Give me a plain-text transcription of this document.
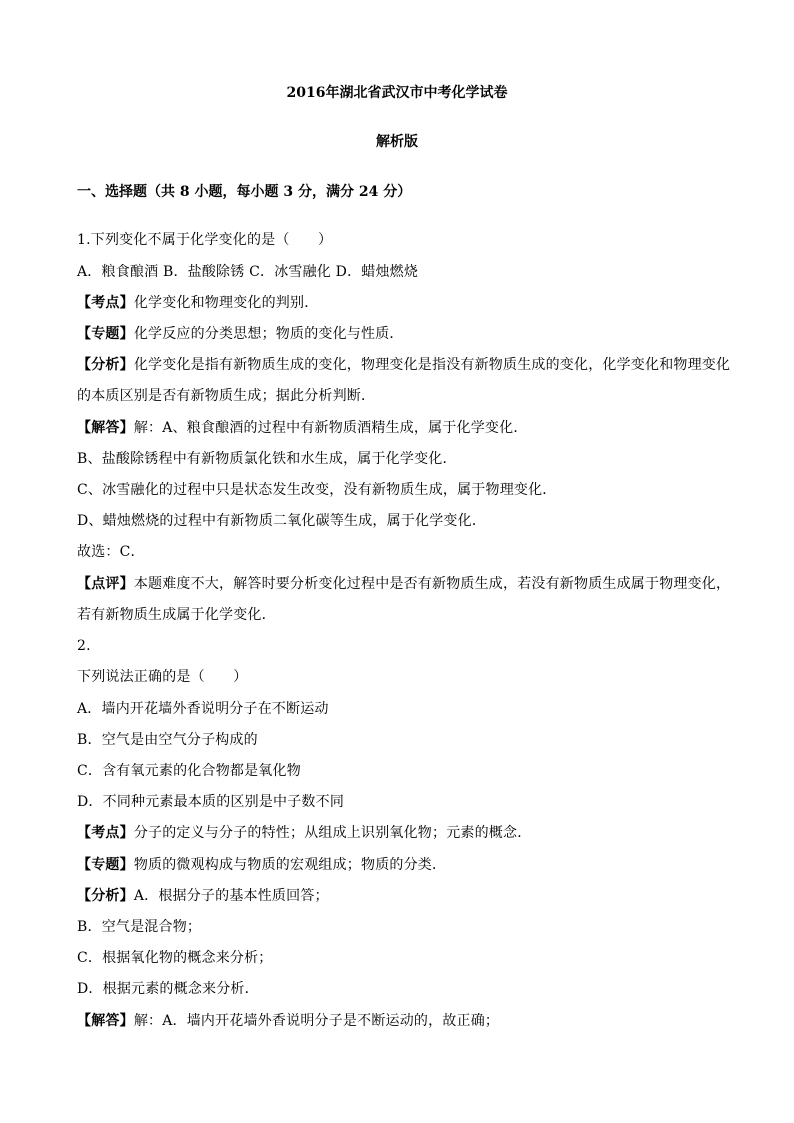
2016年湖北省武汉市中考化学试卷
解析版
一、选择题（共 8 小题，每小题 3 分，满分 24 分）
1.下列变化不属于化学变化的是（　　）
A．粮食酿酒 B．盐酸除锈 C．冰雪融化 D．蜡烛燃烧
【考点】化学变化和物理变化的判别．
【专题】化学反应的分类思想；物质的变化与性质．
【分析】化学变化是指有新物质生成的变化，物理变化是指没有新物质生成的变化，化学变化和物理变化
的本质区别是否有新物质生成；据此分析判断．
【解答】解：A、粮食酿酒的过程中有新物质酒精生成，属于化学变化．
B、盐酸除锈程中有新物质氯化铁和水生成，属于化学变化．
C、冰雪融化的过程中只是状态发生改变，没有新物质生成，属于物理变化．
D、蜡烛燃烧的过程中有新物质二氧化碳等生成，属于化学变化．
故选：C．
【点评】本题难度不大，解答时要分析变化过程中是否有新物质生成，若没有新物质生成属于物理变化，
若有新物质生成属于化学变化．
2.
下列说法正确的是（　　）
A．墙内开花墙外香说明分子在不断运动
B．空气是由空气分子构成的
C．含有氧元素的化合物都是氧化物
D．不同种元素最本质的区别是中子数不同
【考点】分子的定义与分子的特性；从组成上识别氧化物；元素的概念．
【专题】物质的微观构成与物质的宏观组成；物质的分类．
【分析】A．根据分子的基本性质回答；
B．空气是混合物；
C．根据氧化物的概念来分析；
D．根据元素的概念来分析．
【解答】解：A．墙内开花墙外香说明分子是不断运动的，故正确；
